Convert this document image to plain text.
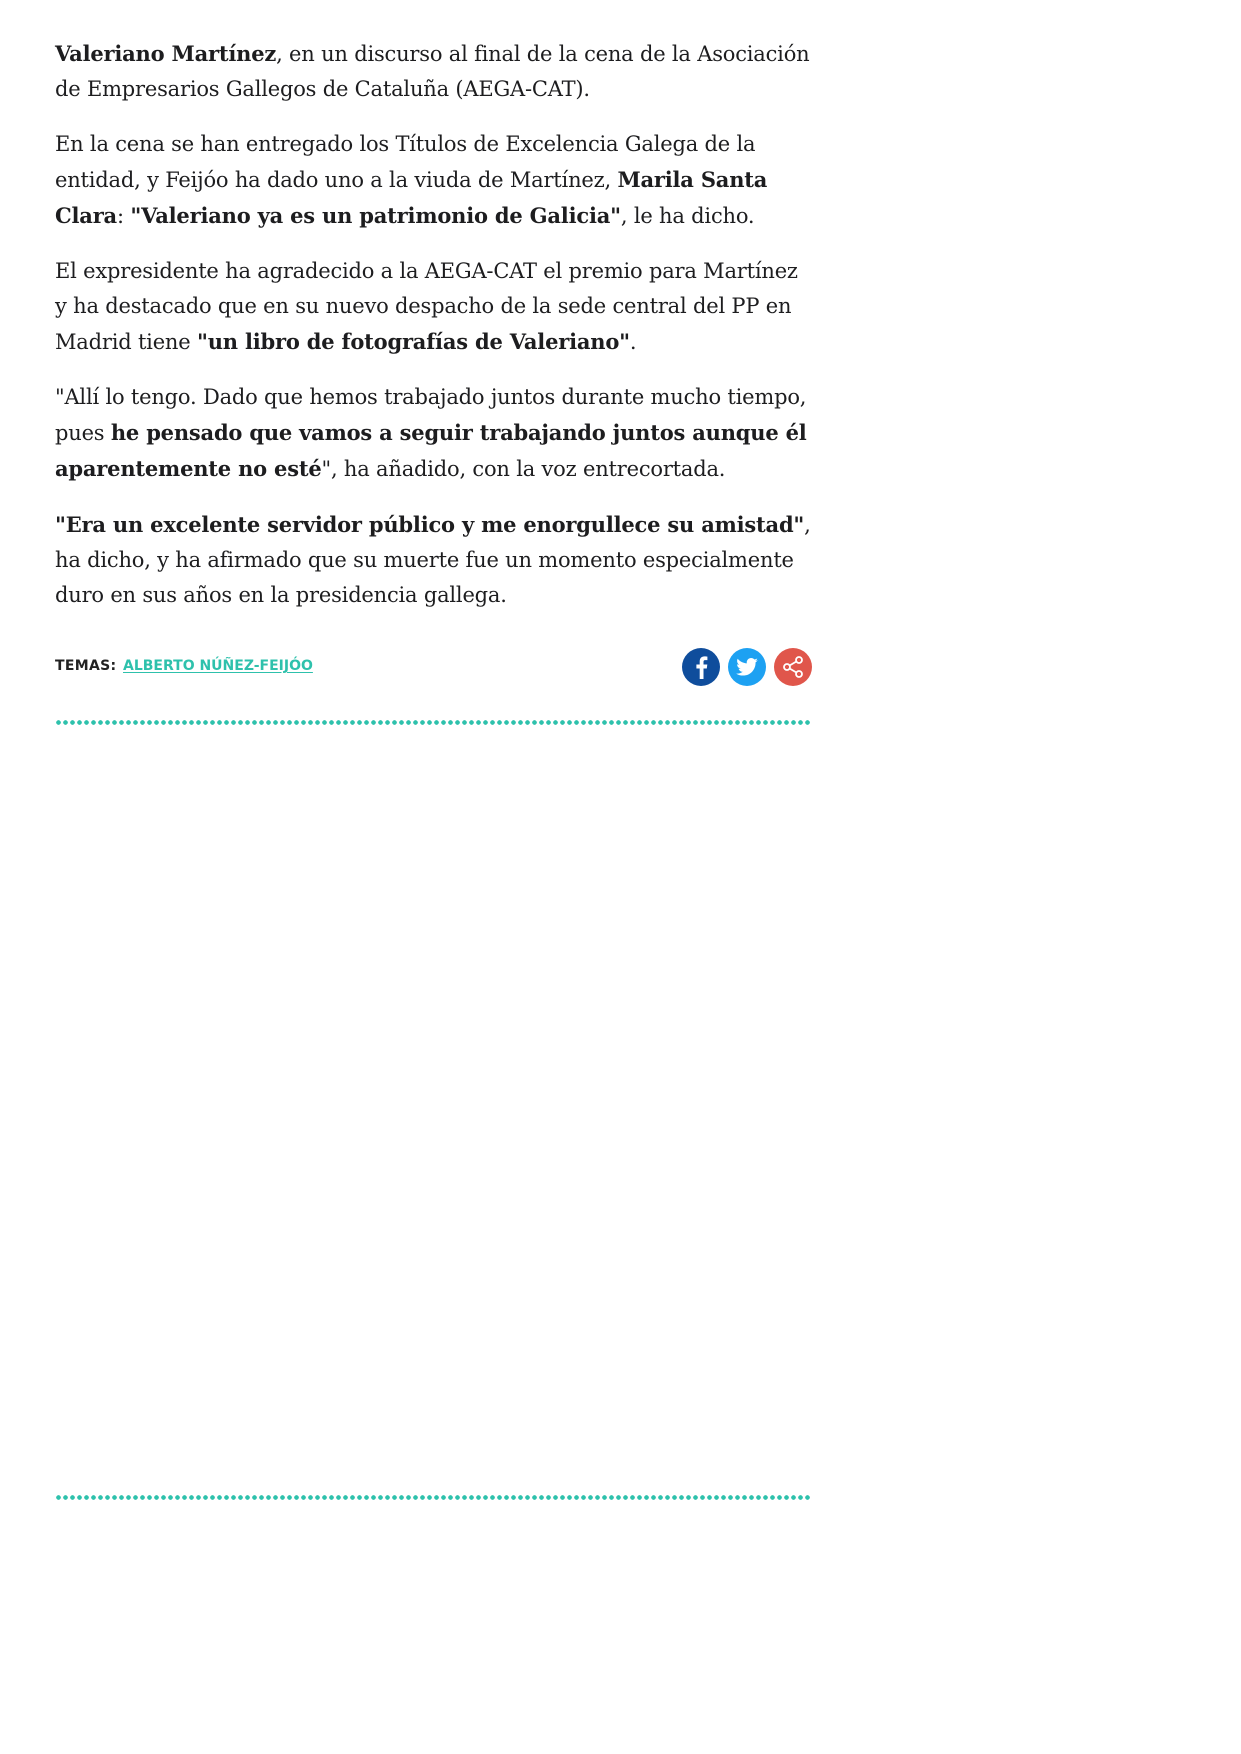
Valeriano Martínez, en un discurso al final de la cena de la Asociación de Empresarios Gallegos de Cataluña (AEGA-CAT).

En la cena se han entregado los Títulos de Excelencia Galega de la entidad, y Feijóo ha dado uno a la viuda de Martínez, Marila Santa Clara: "Valeriano ya es un patrimonio de Galicia", le ha dicho.

El expresidente ha agradecido a la AEGA-CAT el premio para Martínez y ha destacado que en su nuevo despacho de la sede central del PP en Madrid tiene "un libro de fotografías de Valeriano".

"Allí lo tengo. Dado que hemos trabajado juntos durante mucho tiempo, pues he pensado que vamos a seguir trabajando juntos aunque él aparentemente no esté", ha añadido, con la voz entrecortada.

"Era un excelente servidor público y me enorgullece su amistad", ha dicho, y ha afirmado que su muerte fue un momento especialmente duro en sus años en la presidencia gallega.

TEMAS: ALBERTO NÚÑEZ-FEIJÓO
